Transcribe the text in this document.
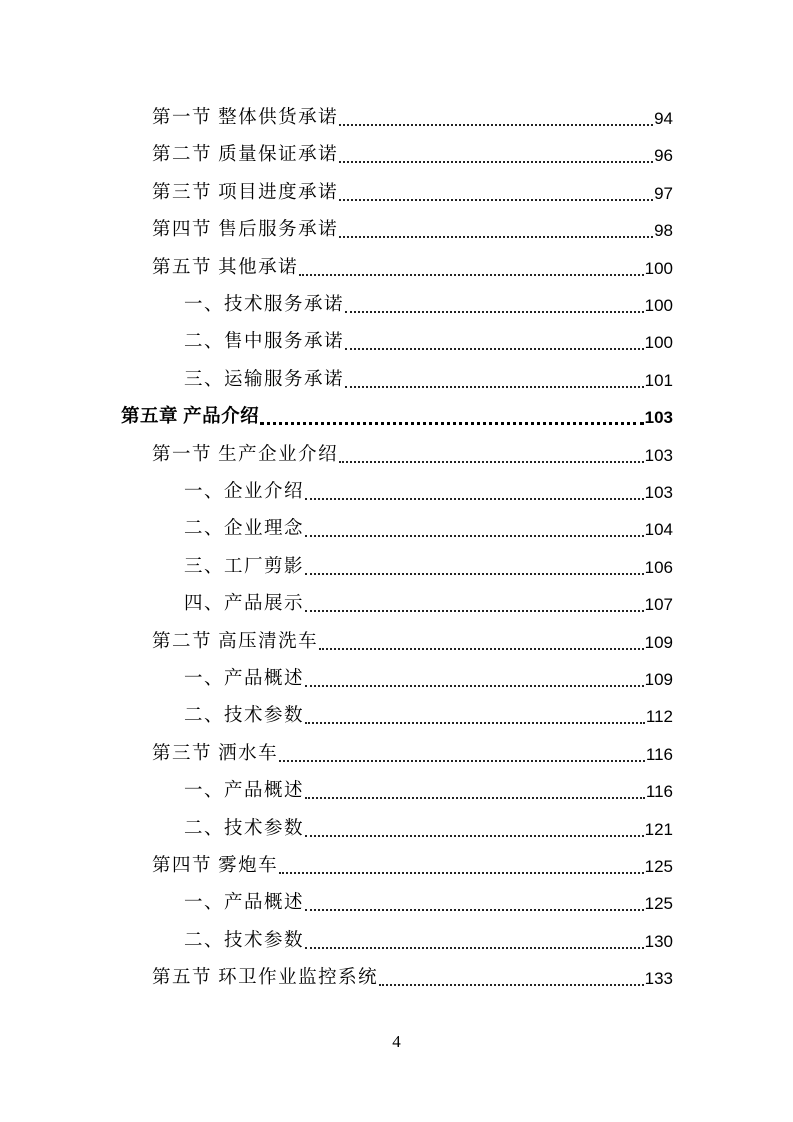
第一节 整体供货承诺	94
第二节 质量保证承诺	96
第三节 项目进度承诺	97
第四节 售后服务承诺	98
第五节 其他承诺	100
一、技术服务承诺	100
二、售中服务承诺	100
三、运输服务承诺	101
第五章 产品介绍	103
第一节 生产企业介绍	103
一、企业介绍	103
二、企业理念	104
三、工厂剪影	106
四、产品展示	107
第二节 高压清洗车	109
一、产品概述	109
二、技术参数	112
第三节 洒水车	116
一、产品概述	116
二、技术参数	121
第四节 雾炮车	125
一、产品概述	125
二、技术参数	130
第五节 环卫作业监控系统	133
4
